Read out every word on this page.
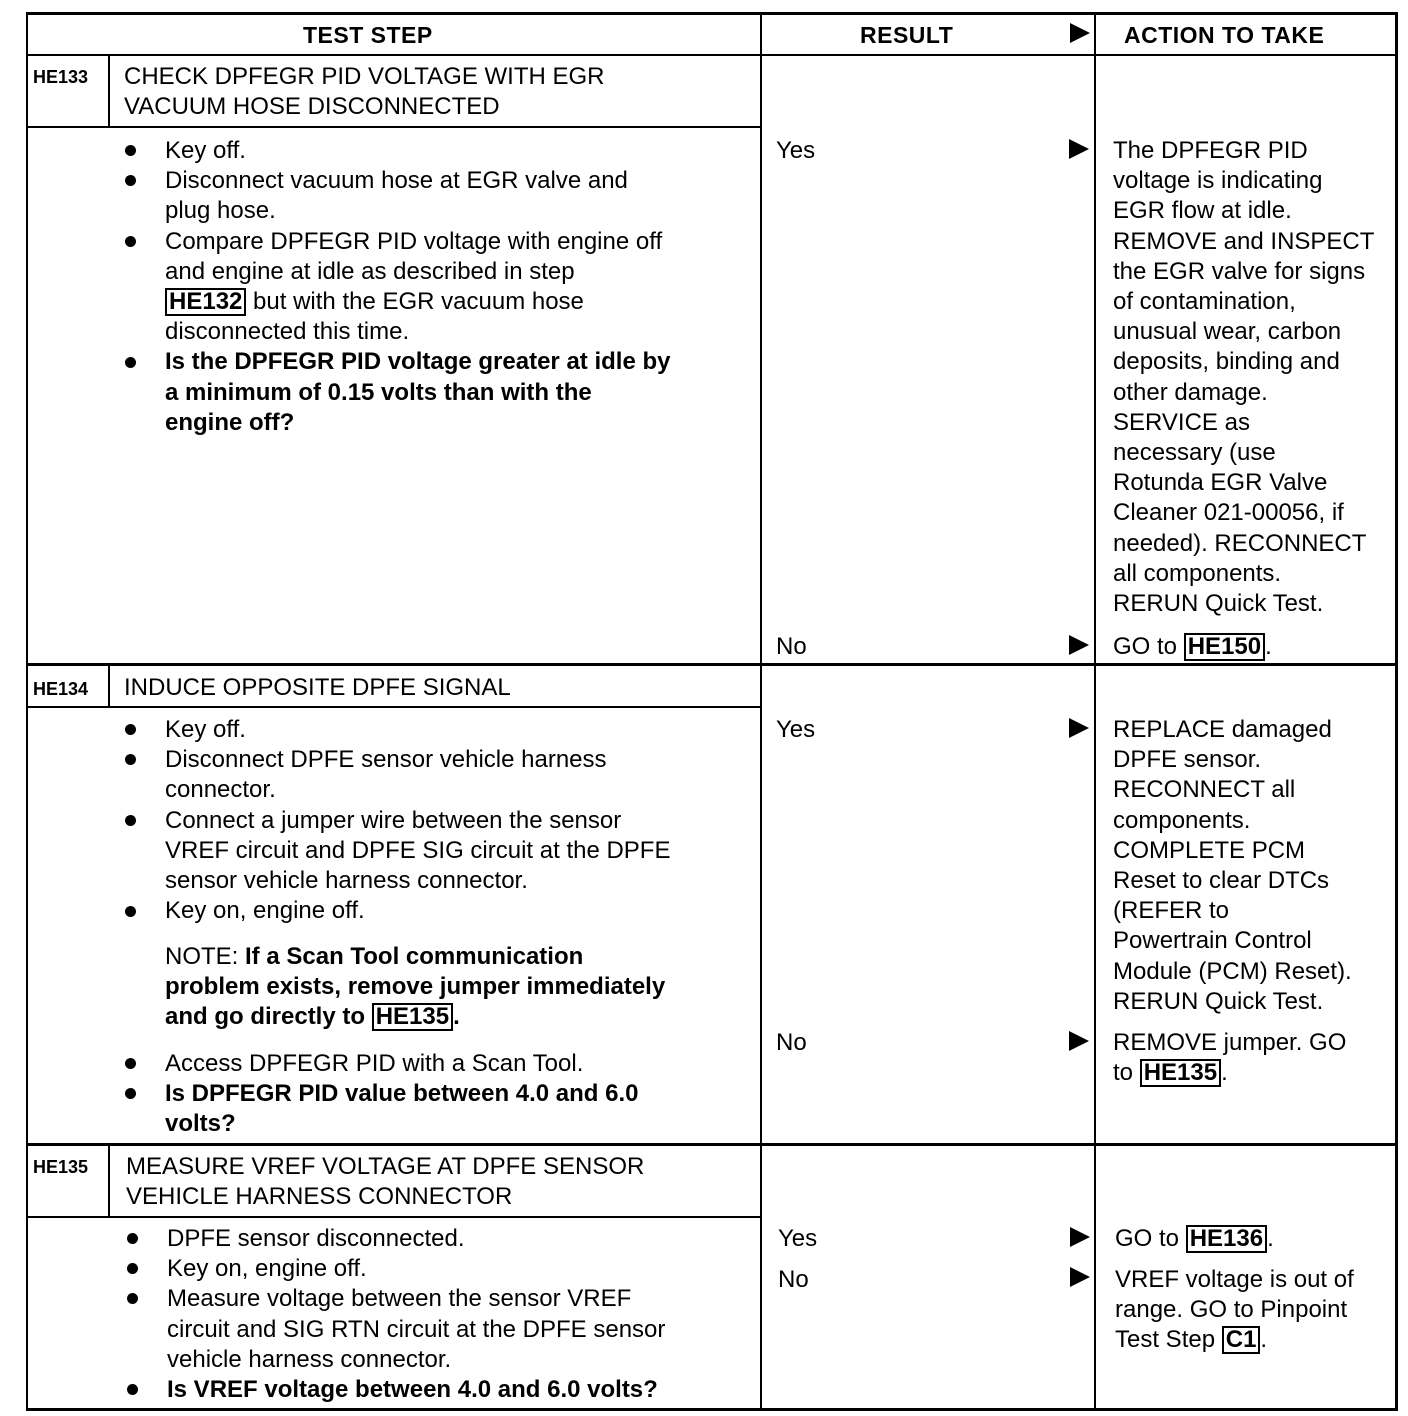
TEST STEP	RESULT	ACTION TO TAKE
HE133 CHECK DPFEGR PID VOLTAGE WITH EGR
VACUUM HOSE DISCONNECTED
Key off.
Disconnect vacuum hose at EGR valve and
plug hose.
Compare DPFEGR PID voltage with engine off
and engine at idle as described in step
HE132 but with the EGR vacuum hose
disconnected this time.
Is the DPFEGR PID voltage greater at idle by
a minimum of 0.15 volts than with the
engine off?
Yes	The DPFEGR PID
voltage is indicating
EGR flow at idle.
REMOVE and INSPECT
the EGR valve for signs
of contamination,
unusual wear, carbon
deposits, binding and
other damage.
SERVICE as
necessary (use
Rotunda EGR Valve
Cleaner 021-00056, if
needed). RECONNECT
all components.
RERUN Quick Test.
No	GO to HE150 .
HE134 INDUCE OPPOSITE DPFE SIGNAL
Key off.
Disconnect DPFE sensor vehicle harness
connector.
Connect a jumper wire between the sensor
VREF circuit and DPFE SIG circuit at the DPFE
sensor vehicle harness connector.
Key on, engine off.
NOTE: If a Scan Tool communication
problem exists, remove jumper immediately
and go directly to HE135 .
Access DPFEGR PID with a Scan Tool.
Is DPFEGR PID value between 4.0 and 6.0
volts?
Yes	REPLACE damaged
DPFE sensor.
RECONNECT all
components.
COMPLETE PCM
Reset to clear DTCs
(REFER to
Powertrain Control
Module (PCM) Reset).
RERUN Quick Test.
No	REMOVE jumper. GO
to HE135 .
HE135 MEASURE VREF VOLTAGE AT DPFE SENSOR
VEHICLE HARNESS CONNECTOR
DPFE sensor disconnected.
Key on, engine off.
Measure voltage between the sensor VREF
circuit and SIG RTN circuit at the DPFE sensor
vehicle harness connector.
Is VREF voltage between 4.0 and 6.0 volts?
Yes	GO to HE136 .
No	VREF voltage is out of
range. GO to Pinpoint
Test Step C1 .
